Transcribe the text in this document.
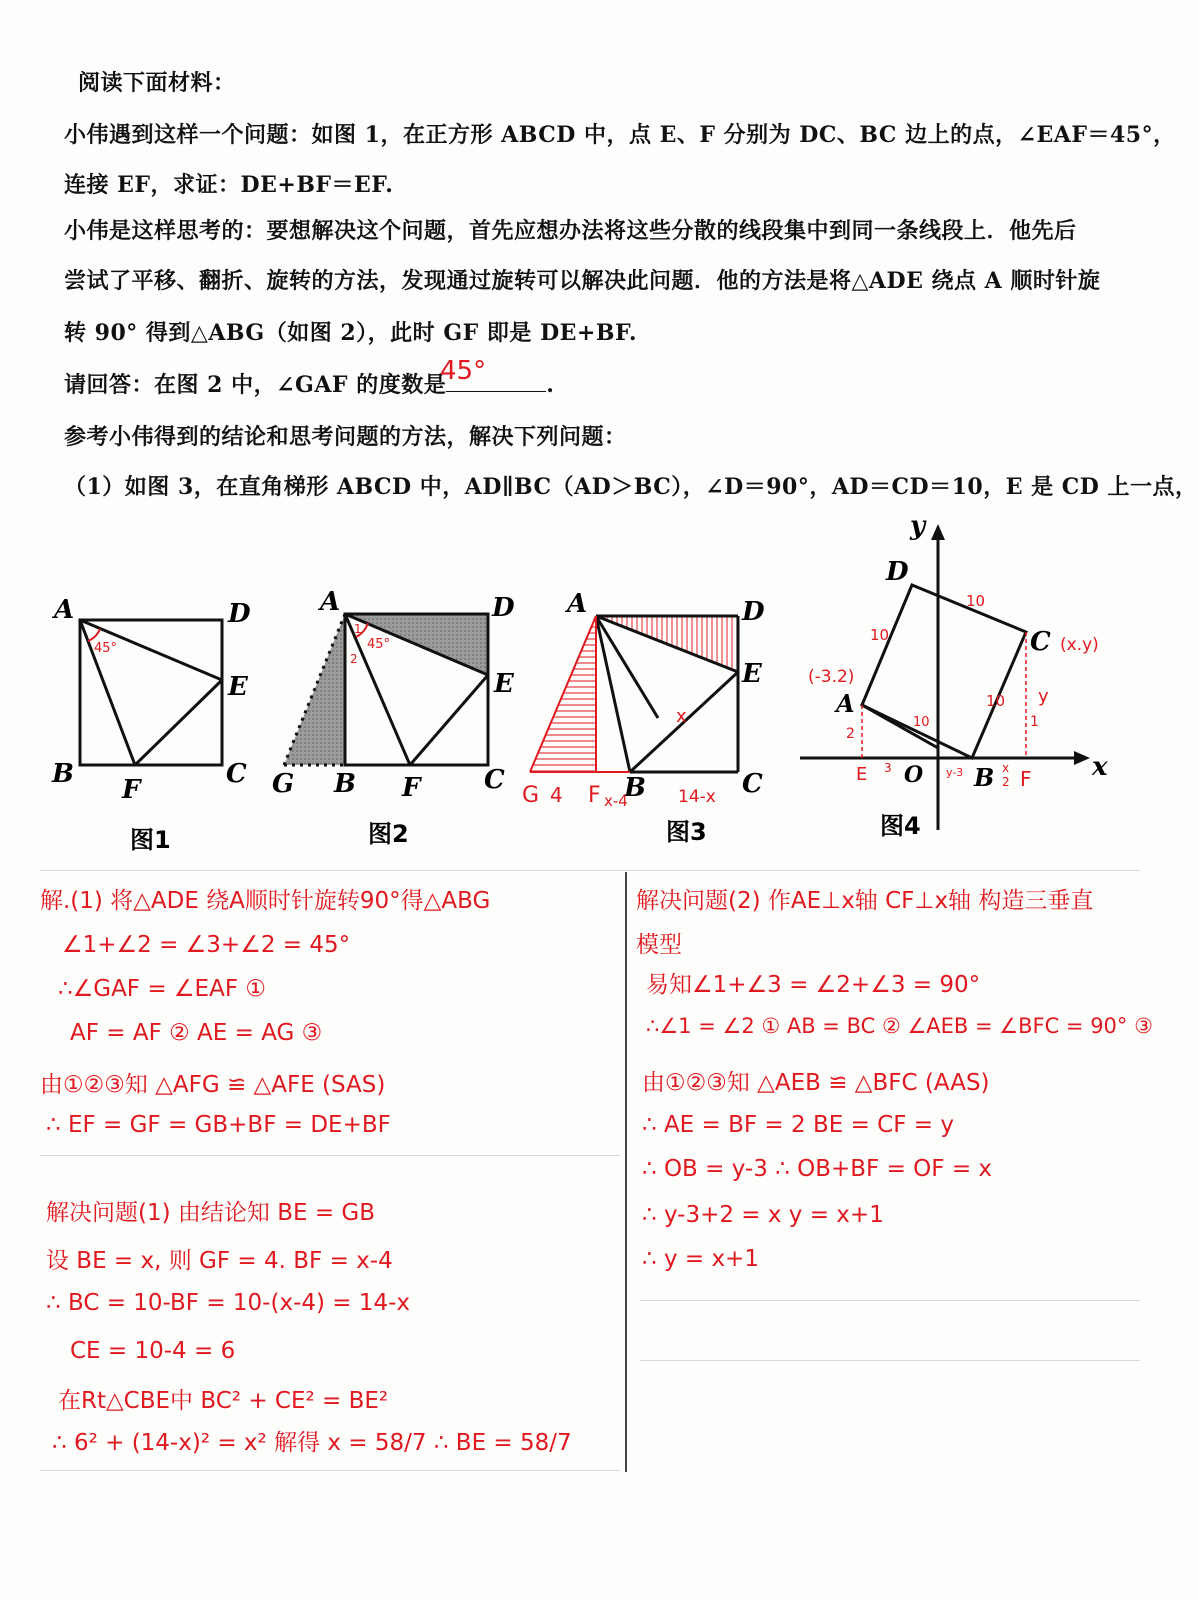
阅读下面材料：
小伟遇到这样一个问题：如图 1，在正方形 ABCD 中，点 E、F 分别为 DC、BC 边上的点，∠EAF＝45°，
连接 EF，求证：DE+BF＝EF.
小伟是这样思考的：要想解决这个问题，首先应想办法将这些分散的线段集中到同一条线段上．他先后
尝试了平移、翻折、旋转的方法，发现通过旋转可以解决此问题．他的方法是将△ADE 绕点 A 顺时针旋
转 90° 得到△ABG（如图 2），此时 GF 即是 DE+BF.
请回答：在图 2 中，∠GAF 的度数是	.
45°
参考小伟得到的结论和思考问题的方法，解决下列问题：
（1）如图 3，在直角梯形 ABCD 中，AD∥BC（AD＞BC），∠D＝90°，AD＝CD＝10，E 是 CD 上一点，
45°
A	D
E
B
F
C
图1
45°
1
2
A	D
E
G B F C
图2
x
A	D
E
B	C
G 4 F x-4	14-x
图3
x
y
D
C
A
O B
(x.y)
(-3.2)
10
10
10
10
2
E 3
y
1
y-3	x
2 F
图4
解.(1) 将△ADE 绕A顺时针旋转90°得△ABG
∠1+∠2 = ∠3+∠2 = 45°
∴∠GAF = ∠EAF ①
AF = AF ② AE = AG ③
由①②③知 △AFG ≌ △AFE (SAS)
∴ EF = GF = GB+BF = DE+BF
解决问题(1) 由结论知 BE = GB
设 BE = x, 则 GF = 4. BF = x-4
∴ BC = 10-BF = 10-(x-4) = 14-x
CE = 10-4 = 6
在Rt△CBE中 BC² + CE² = BE²
∴ 6² + (14-x)² = x² 解得 x = 58/7 ∴ BE = 58/7
解决问题(2) 作AE⊥x轴 CF⊥x轴 构造三垂直
模型
易知∠1+∠3 = ∠2+∠3 = 90°
∴∠1 = ∠2 ① AB = BC ② ∠AEB = ∠BFC = 90° ③
由①②③知 △AEB ≌ △BFC (AAS)
∴ AE = BF = 2 BE = CF = y
∴ OB = y-3 ∴ OB+BF = OF = x
∴ y-3+2 = x y = x+1
∴ y = x+1
